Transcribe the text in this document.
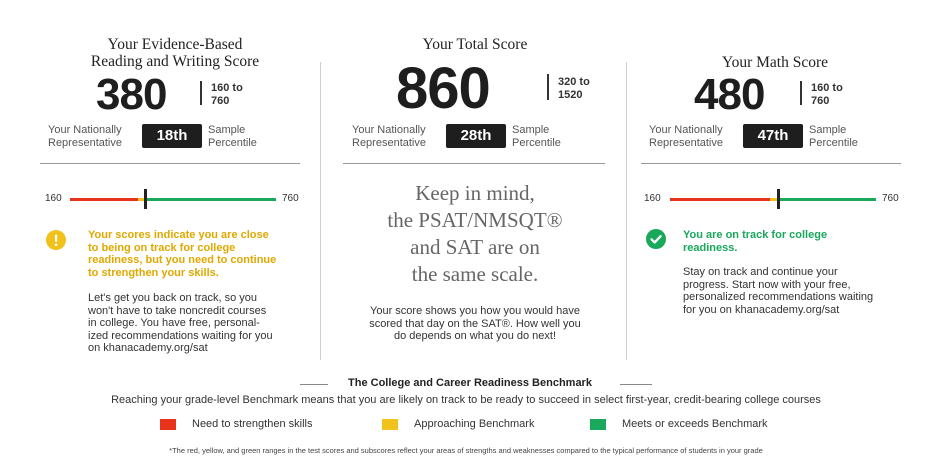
Your Evidence-Based
Reading and Writing Score
380	160 to
760
Your Nationally
Representative	18th	Sample
Percentile
160	760
Your scores indicate you are close
to being on track for college
readiness, but you need to continue
to strengthen your skills.
Let's get you back on track, so you
won't have to take noncredit courses
in college. You have free, personal-
ized recommendations waiting for you
on khanacademy.org/sat
Your Total Score
860	320 to
1520
Your Nationally
Representative	28th	Sample
Percentile
Keep in mind,
the PSAT/NMSQT®
and SAT are on
the same scale.
Your score shows you how you would have
scored that day on the SAT®. How well you
do depends on what you do next!
Your Math Score
480	160 to
760
Your Nationally
Representative	47th	Sample
Percentile
160	760
You are on track for college
readiness.
Stay on track and continue your
progress. Start now with your free,
personalized recommendations waiting
for you on khanacademy.org/sat
The College and Career Readiness Benchmark
Reaching your grade-level Benchmark means that you are likely on track to be ready to succeed in select first-year, credit-bearing college courses
Need to strengthen skills	Approaching Benchmark	Meets or exceeds Benchmark
*The red, yellow, and green ranges in the test scores and subscores reflect your areas of strengths and weaknesses compared to the typical performance of students in your grade
